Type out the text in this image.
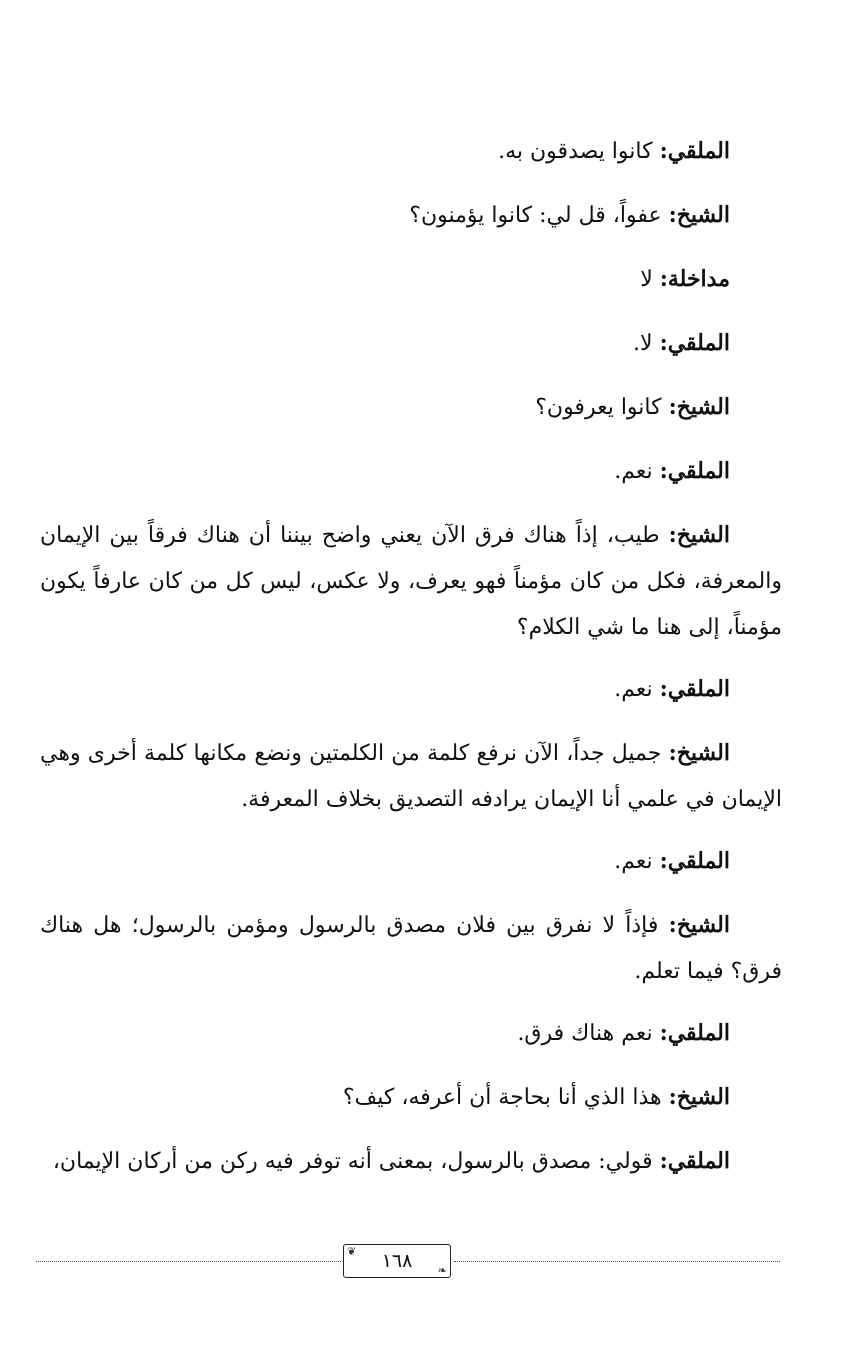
الملقي: كانوا يصدقون به.

الشيخ: عفواً، قل لي: كانوا يؤمنون؟

مداخلة: لا

الملقي: لا.

الشيخ: كانوا يعرفون؟

الملقي: نعم.

الشيخ: طيب، إذاً هناك فرق الآن يعني واضح بيننا أن هناك فرقاً بين الإيمان والمعرفة، فكل من كان مؤمناً فهو يعرف، ولا عكس، ليس كل من كان عارفاً يكون مؤمناً، إلى هنا ما شي الكلام؟

الملقي: نعم.

الشيخ: جميل جداً، الآن نرفع كلمة من الكلمتين ونضع مكانها كلمة أخرى وهي الإيمان في علمي أنا الإيمان يرادفه التصديق بخلاف المعرفة.

الملقي: نعم.

الشيخ: فإذاً لا نفرق بين فلان مصدق بالرسول ومؤمن بالرسول؛ هل هناك فرق؟ فيما تعلم.

الملقي: نعم هناك فرق.

الشيخ: هذا الذي أنا بحاجة أن أعرفه، كيف؟

الملقي: قولي: مصدق بالرسول، بمعنى أنه توفر فيه ركن من أركان الإيمان،

❦	١٦٨	❧
